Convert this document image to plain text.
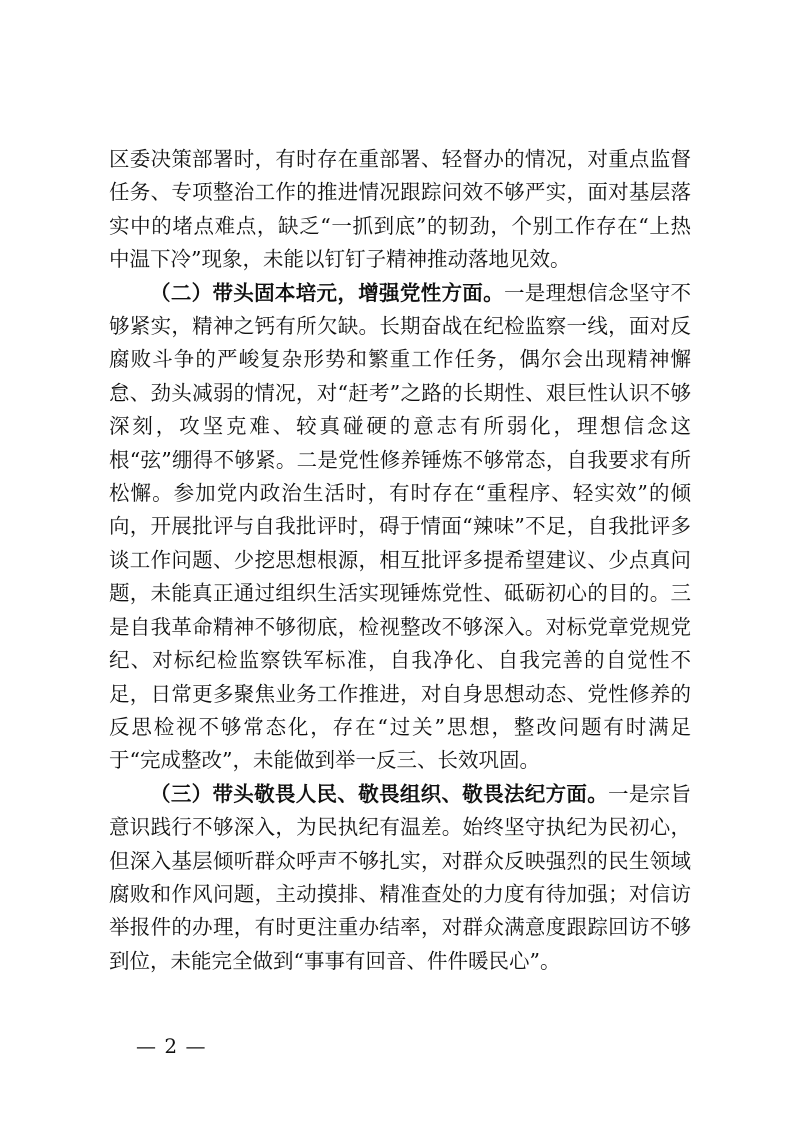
区委决策部署时，有时存在重部署、轻督办的情况，对重点监督任务、专项整治工作的推进情况跟踪问效不够严实，面对基层落实中的堵点难点，缺乏“一抓到底”的韧劲，个别工作存在“上热中温下冷”现象，未能以钉钉子精神推动落地见效。

（二）带头固本培元，增强党性方面。一是理想信念坚守不够紧实，精神之钙有所欠缺。长期奋战在纪检监察一线，面对反腐败斗争的严峻复杂形势和繁重工作任务，偶尔会出现精神懈怠、劲头减弱的情况，对“赶考”之路的长期性、艰巨性认识不够深刻，攻坚克难、较真碰硬的意志有所弱化，理想信念这根“弦”绷得不够紧。二是党性修养锤炼不够常态，自我要求有所松懈。参加党内政治生活时，有时存在“重程序、轻实效”的倾向，开展批评与自我批评时，碍于情面“辣味”不足，自我批评多谈工作问题、少挖思想根源，相互批评多提希望建议、少点真问题，未能真正通过组织生活实现锤炼党性、砥砺初心的目的。三是自我革命精神不够彻底，检视整改不够深入。对标党章党规党纪、对标纪检监察铁军标准，自我净化、自我完善的自觉性不足，日常更多聚焦业务工作推进，对自身思想动态、党性修养的反思检视不够常态化，存在“过关”思想，整改问题有时满足于“完成整改”，未能做到举一反三、长效巩固。

（三）带头敬畏人民、敬畏组织、敬畏法纪方面。一是宗旨意识践行不够深入，为民执纪有温差。始终坚守执纪为民初心，但深入基层倾听群众呼声不够扎实，对群众反映强烈的民生领域腐败和作风问题，主动摸排、精准查处的力度有待加强；对信访举报件的办理，有时更注重办结率，对群众满意度跟踪回访不够到位，未能完全做到“事事有回音、件件暖民心”。

— 2 —
